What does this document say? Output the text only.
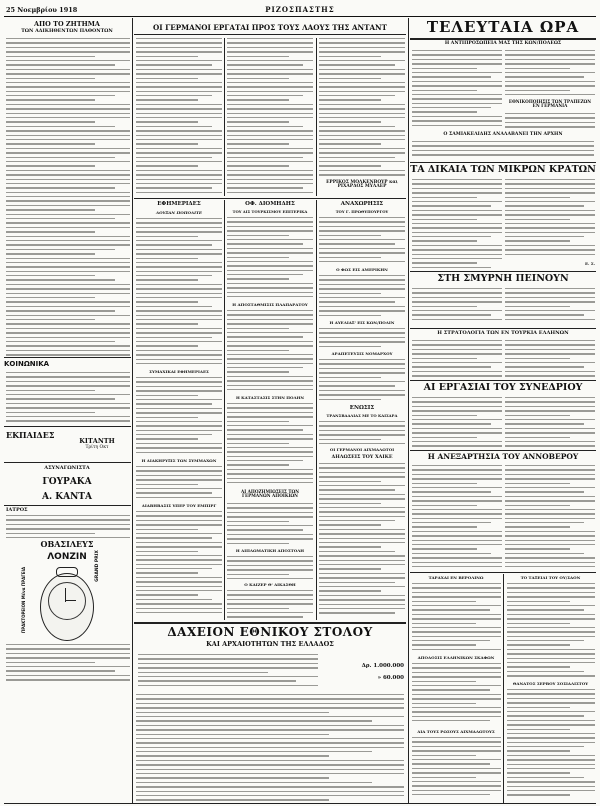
25 Νοεμβρίου 1918	ΡΙΖΟΣΠΑΣΤΗΣ
ΑΠΟ ΤΟ ΖΗΤΗΜΑ
ΤΩΝ ΑΔΙΚΗΘΕΝΤΩΝ ΠΑΘΟΝΤΩΝ
ΚΟΙΝΩΝΙΚΑ
ΕΚΠΑΙΔΕΣ
ΚΙΤΑΝΤΗ
Τρίτη Οκτ
ΑΣΥΝΑΓΩΝΙΣΤΑ
ΓΟΥΡΑΚΑ
Α. ΚΑΝΤΑ
ΙΑΤΡΟΣ
ΟΒΑΣΙΛΕΥΣ
ΛΟΝΖΙΝ	GRAND PRIX
ΠΡΑΚΤΟΡΕΙΟΝ Μένα ΠΡΑΓΕΙΑ
ΟΙ ΓΕΡΜΑΝΟΙ ΕΡΓΑΤΑΙ ΠΡΟΣ ΤΟΥΣ ΛΑΟΥΣ ΤΗΣ ΑΝΤΑΝΤ
ΕΡΡΙΚΟΣ ΜΟΛΚΕΝΒΟΥΡ και ΡΙΧΑΡΔΟΣ ΜΥΛΛΕΡ
ΕΦΗΜΕΡΙΔΕΣ
ΛΟΥΞΑΝ ΠΟΠΟΛΙΤΕ
ΣΥΜΑΧΙΚΑΙ ΕΦΗΜΕΡΙΔΕΣ
Η ΔΙΑΚΗΡΥΞΙΣ ΤΩΝ ΣΥΜΜΑΧΩΝ
ΔΙΑΒΗΒΑΣΙΣ ΥΠΕΡ ΤΟΥ ΕΜΠΙΡΓ
ΟΦ. ΔΙΟΜΗΔΗΣ
ΤΟΥ ΔΙΣ ΤΟΥΡΚΙΣΜΟΥ ΕΠΙΤΕΡΙΚΑ
Η ΑΠΟΣΤΑΘΜΙΣΙΣ ΠΛΑΠΑΡΑΤΟΥ
Η ΚΑΤΑΣΤΑΣΙΣ ΣΤΗΝ ΠΟΛΗΝ
ΑΙ ΑΠΟΖΗΜΙΩΣΕΙΣ ΤΩΝ ΓΕΡΜΑΝΩΝ ΑΠΟΙΚΙΩΝ
Η ΔΙΠΛΩΜΑΤΙΚΗ ΑΠΟΣΤΟΛΗ
Ο ΚΑΙΖΕΡ Θ' ΔΙΚΑΣΘΗ
ΑΝΑΧΩΡΗΣΙΣ
ΤΟΥ Γ. ΠΡΩΘΥΠΟΥΡΓΟΥ
Ο ΦΩΣ ΕΙΣ ΑΜΕΡΙΚΗΝ
Η ΑΥΕΛΙΑΞ' ΕΙΣ ΚΩΝ/ΠΟΛΙΝ
ΔΡΑΠΕΤΕΥΣΙΣ ΝΟΜΑΡΧΟΥ
ΕΝΩΣΙΣ
ΤΡΑΝΣΒΑΑΛΙΑΣ ΜΕ ΤΟ ΚΑΙΣΑΡΑ
ΟΙ ΓΕΡΜΑΝΟΙ ΑΙΧΜΑΛΩΤΟΙ
ΔΗΛΩΣΕΙΣ ΤΟΥ ΧΑΙΚΕ
ΔΑΧΕΙΟΝ ΕΘΝΙΚΟΥ ΣΤΟΛΟΥ
ΚΑΙ ΑΡΧΑΙΟΤΗΤΩΝ ΤΗΣ ΕΛΛΑΔΟΣ
Δρ. 1.000.000
» 60.000
ΤΕΛΕΥΤΑΙΑ ΩΡΑ
Η ΑΝΤΙΠΡΟΣΩΠΕΙΑ ΜΑΣ ΤΗΣ ΚΩΝ/ΠΟΛΕΩΣ
ΕΘΝΙΚΟΠΟΙΗΣΙΣ ΤΩΝ ΤΡΑΠΕΖΩΝ ΕΝ ΓΕΡΜΑΝΙΑ
Ο ΣΑΜΙΑΚΕΛΙΔΗΣ ΑΝΑΛΑΒΑΝΕΙ ΤΗΝ ΑΡΧΗΝ
ΤΑ ΔΙΚΑΙΑ ΤΩΝ ΜΙΚΡΩΝ ΚΡΑΤΩΝ
Ε. Σ.
ΣΤΗ ΣΜΥΡΝΗ ΠΕΙΝΟΥΝ
Η ΣΤΡΑΤΟΛΟΓΙΑ ΤΩΝ ΕΝ ΤΟΥΡΚΙΑ ΕΛΛΗΝΩΝ
ΑΙ ΕΡΓΑΣΙΑΙ ΤΟΥ ΣΥΝΕΔΡΙΟΥ
Η ΑΝΕΞΑΡΤΗΣΙΑ ΤΟΥ ΑΝΝΟΒΕΡΟΥ
ΤΑΡΑΧΑΙ ΕΝ ΒΕΡΟΛΙΝΩ
ΑΠΟΔΟΣΙΣ ΕΛΛΗΝΙΚΩΝ ΣΚΑΦΩΝ
ΔΙΑ ΤΟΥΣ ΡΩΣΟΥΣ ΑΙΧΜΑΛΩΤΟΥΣ
ΤΟ ΤΑΞΕΙΔΙ ΤΟΥ ΟΥ/ΣΑΟΝ
ΘΑΝΑΤΟΣ ΣΕΡΒΟΥ ΣΟΣΙΑΛΙΣΤΟΥ
